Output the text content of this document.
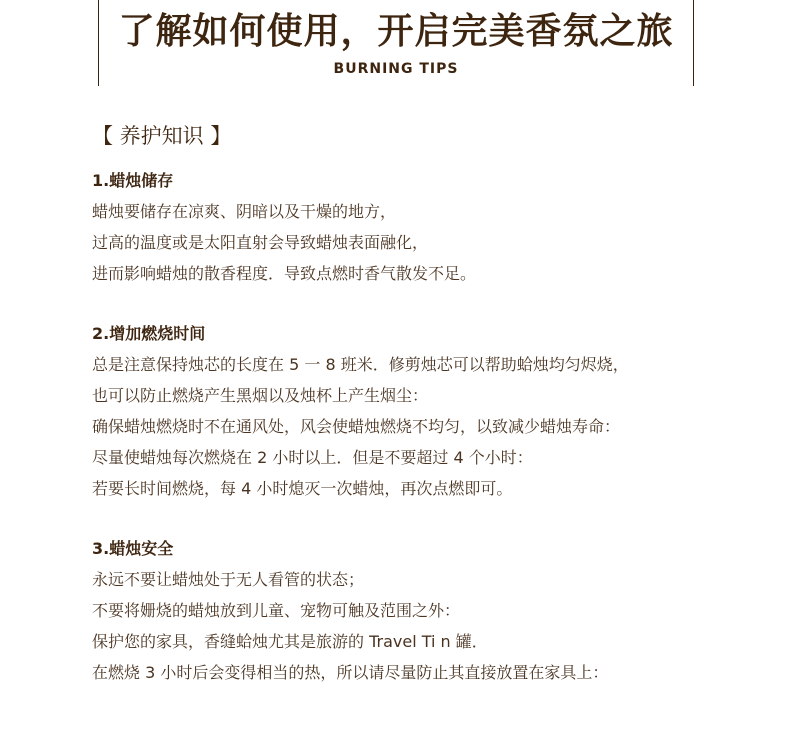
了解如何使用，开启完美香氛之旅
BURNING TIPS
【 养护知识 】
1.蜡烛储存

蜡烛要储存在凉爽、阴暗以及干燥的地方，

过高的温度或是太阳直射会导致蜡烛表面融化，

进而影响蜡烛的散香程度．导致点燃时香气散发不足。

2.增加燃烧时间

总是注意保持烛芯的长度在 5 一 8 班米．修剪烛芯可以帮助蛤烛均匀烬烧，

也可以防止燃烧产生黑烟以及烛杯上产生烟尘：

确保蜡烛燃烧时不在通风处，风会使蜡烛燃烧不均匀，以致减少蜡烛寿命：

尽量使蜡烛每次燃烧在 2 小时以上．但是不要超过 4 个小时：

若要长时间燃烧，每 4 小时熄灭一次蜡烛，再次点燃即可。

3.蜡烛安全

永远不要让蜡烛处于无人看管的状态；

不要将姗烧的蜡烛放到儿童、宠物可触及范围之外：

保护您的家具，香缝蛤烛尤其是旅游的 Travel Ti n 罐．

在燃烧 3 小时后会变得相当的热，所以请尽量防止其直接放置在家具上：
